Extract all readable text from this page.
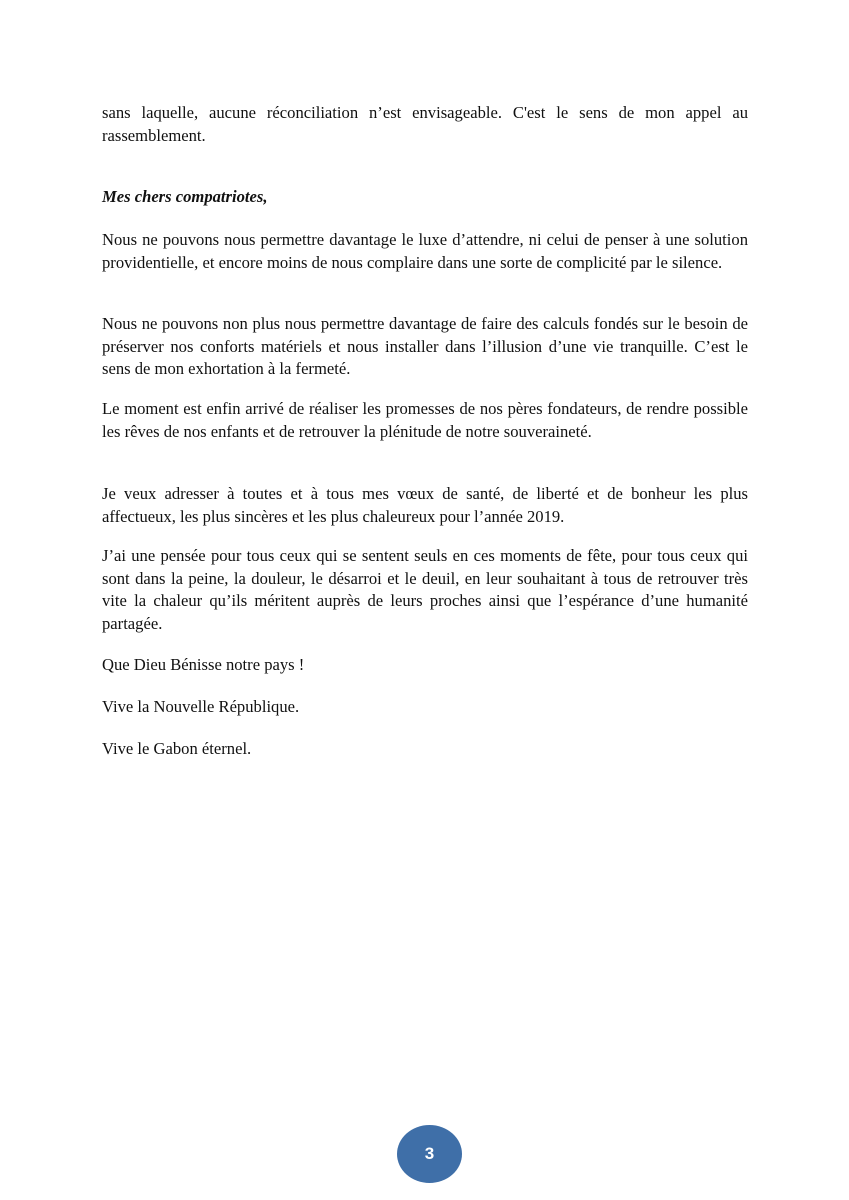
sans laquelle, aucune réconciliation n’est envisageable. C'est le sens de mon appel au rassemblement.

Mes chers compatriotes,

Nous ne pouvons nous permettre davantage le luxe d’attendre, ni celui de penser à une solution providentielle, et encore moins de nous complaire dans une sorte de complicité par le silence.

Nous ne pouvons non plus nous permettre davantage de faire des calculs fondés sur le besoin de préserver nos conforts matériels et nous installer dans l’illusion d’une vie tranquille. C’est le sens de mon exhortation à la fermeté.

Le moment est enfin arrivé de réaliser les promesses de nos pères fondateurs, de rendre possible les rêves de nos enfants et de retrouver la plénitude de notre souveraineté.

Je veux adresser à toutes et à tous mes vœux de santé, de liberté et de bonheur les plus affectueux, les plus sincères et les plus chaleureux pour l’année 2019.

J’ai une pensée pour tous ceux qui se sentent seuls en ces moments de fête, pour tous ceux qui sont dans la peine, la douleur, le désarroi et le deuil, en leur souhaitant à tous de retrouver très vite la chaleur qu’ils méritent auprès de leurs proches ainsi que l’espérance d’une humanité partagée.

Que Dieu Bénisse notre pays !

Vive la Nouvelle République.

Vive le Gabon éternel.

3
